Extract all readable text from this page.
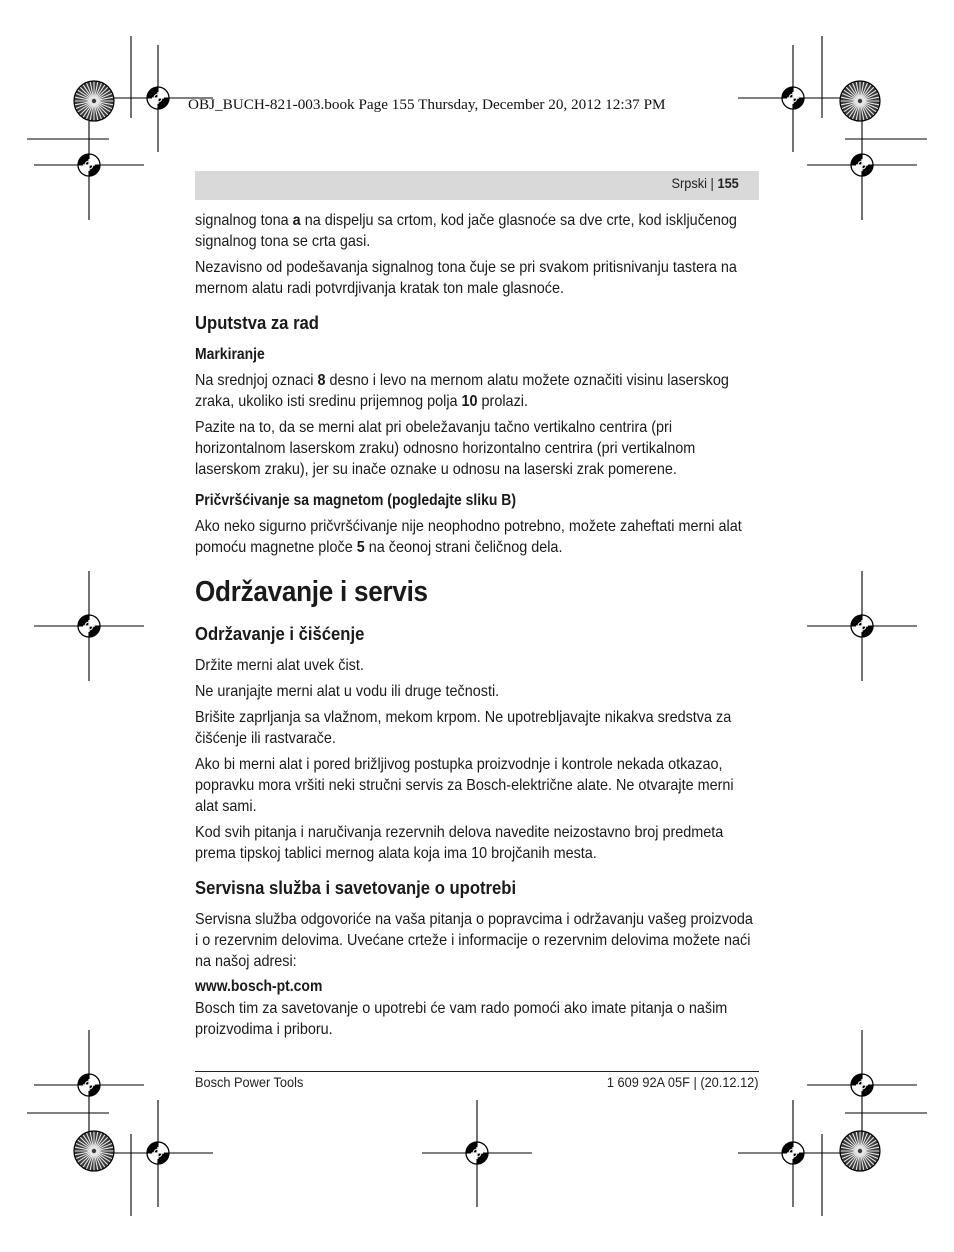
OBJ_BUCH-821-003.book Page 155 Thursday, December 20, 2012 12:37 PM
Srpski | 155

signalnog tona a na dispelju sa crtom, kod jače glasnoće sa dve crte, kod isključenog signalnog tona se crta gasi.

Nezavisno od podešavanja signalnog tona čuje se pri svakom pritisnivanju tastera na mernom alatu radi potvrdjivanja kratak ton male glasnoće.

Uputstva za rad
Markiranje

Na srednjoj oznaci 8 desno i levo na mernom alatu možete označiti visinu laserskog zraka, ukoliko isti sredinu prijemnog polja 10 prolazi.

Pazite na to, da se merni alat pri obeležavanju tačno vertikalno centrira (pri horizontalnom laserskom zraku) odnosno horizontalno centrira (pri vertikalnom laserskom zraku), jer su inače oznake u odnosu na laserski zrak pomerene.

Pričvršćivanje sa magnetom (pogledajte sliku B)

Ako neko sigurno pričvršćivanje nije neophodno potrebno, možete zaheftati merni alat pomoću magnetne ploče 5 na čeonoj strani čeličnog dela.

Održavanje i servis
Održavanje i čišćenje

Držite merni alat uvek čist.

Ne uranjajte merni alat u vodu ili druge tečnosti.

Brišite zaprljanja sa vlažnom, mekom krpom. Ne upotrebljavajte nikakva sredstva za čišćenje ili rastvarače.

Ako bi merni alat i pored brižljivog postupka proizvodnje i kontrole nekada otkazao, popravku mora vršiti neki stručni servis za Bosch-električne alate. Ne otvarajte merni alat sami.

Kod svih pitanja i naručivanja rezervnih delova navedite neizostavno broj predmeta prema tipskoj tablici mernog alata koja ima 10 brojčanih mesta.

Servisna služba i savetovanje o upotrebi

Servisna služba odgovoriće na vaša pitanja o popravcima i održavanju vašeg proizvoda i o rezervnim delovima. Uvećane crteže i informacije o rezervnim delovima možete naći na našoj adresi:

www.bosch-pt.com

Bosch tim za savetovanje o upotrebi će vam rado pomoći ako imate pitanja o našim proizvodima i priboru.

Bosch Power Tools	1 609 92A 05F | (20.12.12)
